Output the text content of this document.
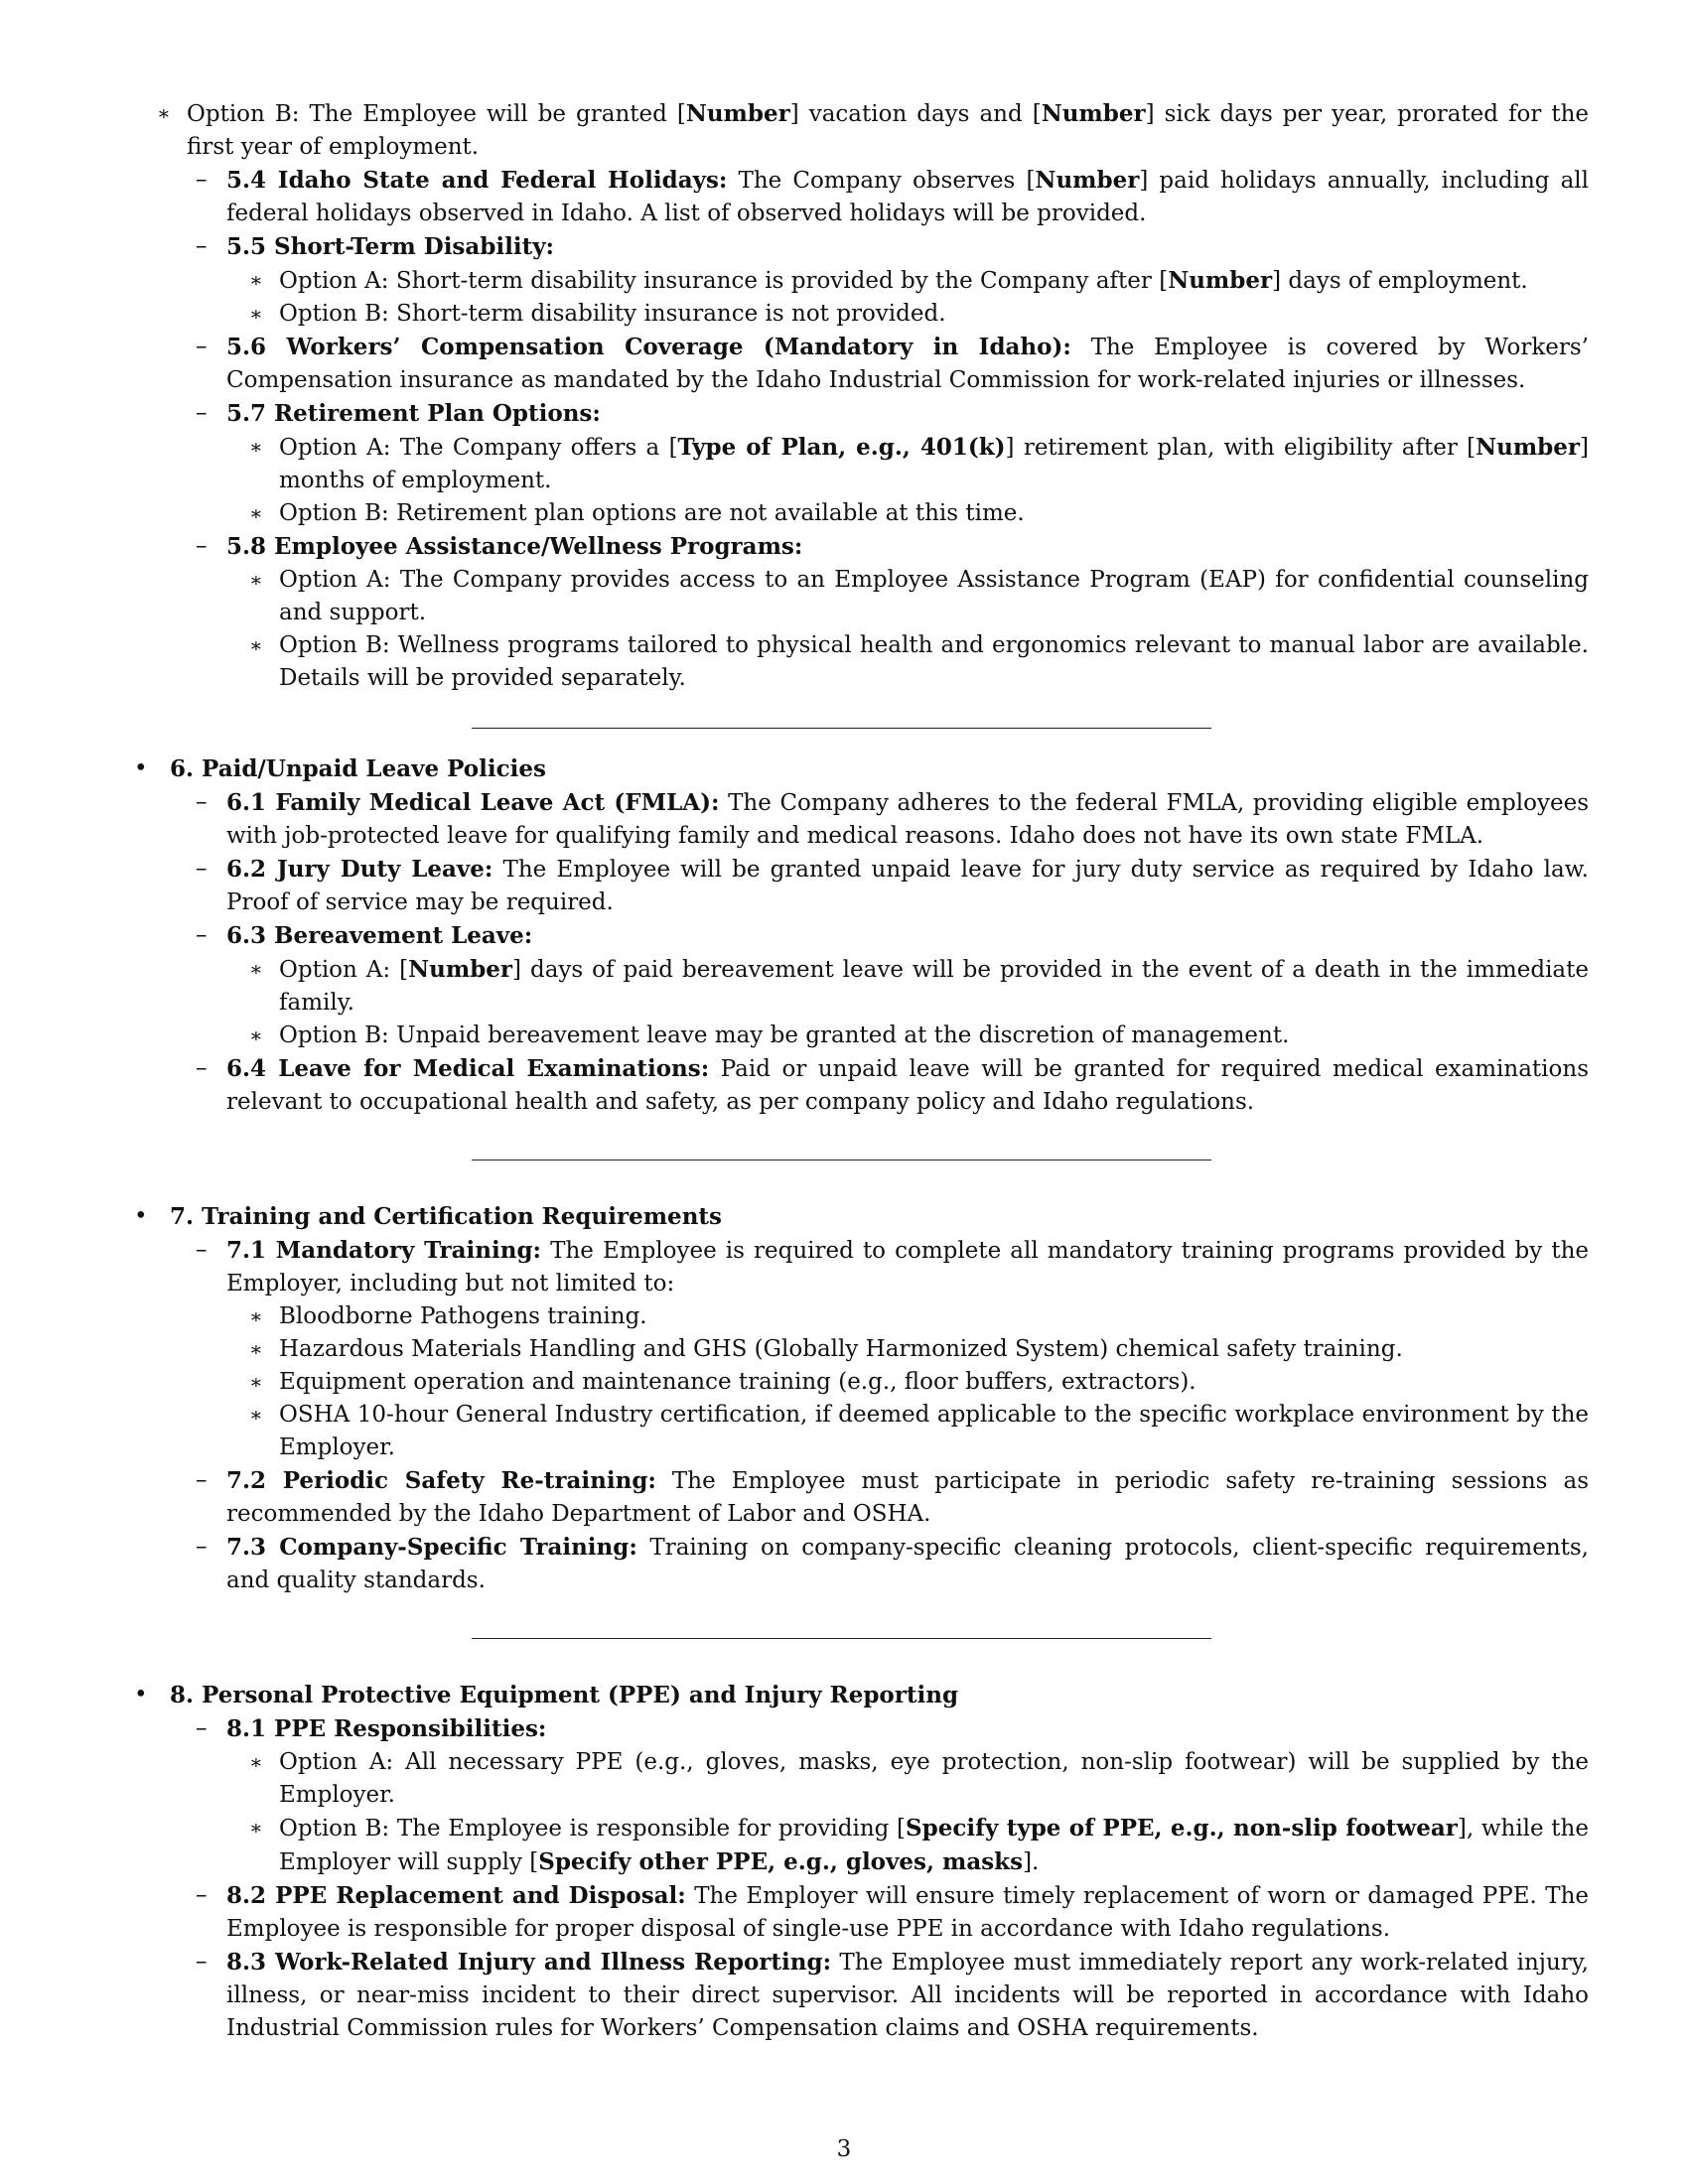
∗ Option B: The Employee will be granted [Number] vacation days and [Number] sick days per year, prorated for the first year of employment.
– 5.4 Idaho State and Federal Holidays: The Company observes [Number] paid holidays annually, including all federal holidays observed in Idaho. A list of observed holidays will be provided.
– 5.5 Short-Term Disability:
∗ Option A: Short-term disability insurance is provided by the Company after [Number] days of employment.
∗ Option B: Short-term disability insurance is not provided.
– 5.6 Workers’ Compensation Coverage (Mandatory in Idaho): The Employee is covered by Workers’ Compensation insurance as mandated by the Idaho Industrial Commission for work-related injuries or illnesses.
– 5.7 Retirement Plan Options:
∗ Option A: The Company offers a [Type of Plan, e.g., 401(k)] retirement plan, with eligibility after [Number] months of employment.
∗ Option B: Retirement plan options are not available at this time.
– 5.8 Employee Assistance/Wellness Programs:
∗ Option A: The Company provides access to an Employee Assistance Program (EAP) for confidential counseling and support.
∗ Option B: Wellness programs tailored to physical health and ergonomics relevant to manual labor are available. Details will be provided separately.
• 6. Paid/Unpaid Leave Policies
– 6.1 Family Medical Leave Act (FMLA): The Company adheres to the federal FMLA, providing eligible employees with job-protected leave for qualifying family and medical reasons. Idaho does not have its own state FMLA.
– 6.2 Jury Duty Leave: The Employee will be granted unpaid leave for jury duty service as required by Idaho law. Proof of service may be required.
– 6.3 Bereavement Leave:
∗ Option A: [Number] days of paid bereavement leave will be provided in the event of a death in the immediate family.
∗ Option B: Unpaid bereavement leave may be granted at the discretion of management.
– 6.4 Leave for Medical Examinations: Paid or unpaid leave will be granted for required medical examinations relevant to occupational health and safety, as per company policy and Idaho regulations.
• 7. Training and Certification Requirements
– 7.1 Mandatory Training: The Employee is required to complete all mandatory training programs provided by the Employer, including but not limited to:
∗ Bloodborne Pathogens training.
∗ Hazardous Materials Handling and GHS (Globally Harmonized System) chemical safety training.
∗ Equipment operation and maintenance training (e.g., floor buffers, extractors).
∗ OSHA 10-hour General Industry certification, if deemed applicable to the specific workplace environment by the Employer.
– 7.2 Periodic Safety Re-training: The Employee must participate in periodic safety re-training sessions as recommended by the Idaho Department of Labor and OSHA.
– 7.3 Company-Specific Training: Training on company-specific cleaning protocols, client-specific requirements, and quality standards.
• 8. Personal Protective Equipment (PPE) and Injury Reporting
– 8.1 PPE Responsibilities:
∗ Option A: All necessary PPE (e.g., gloves, masks, eye protection, non-slip footwear) will be supplied by the Employer.
∗ Option B: The Employee is responsible for providing [Specify type of PPE, e.g., non-slip footwear], while the Employer will supply [Specify other PPE, e.g., gloves, masks].
– 8.2 PPE Replacement and Disposal: The Employer will ensure timely replacement of worn or damaged PPE. The Employee is responsible for proper disposal of single-use PPE in accordance with Idaho regulations.
– 8.3 Work-Related Injury and Illness Reporting: The Employee must immediately report any work-related injury, illness, or near-miss incident to their direct supervisor. All incidents will be reported in accordance with Idaho Industrial Commission rules for Workers’ Compensation claims and OSHA requirements.
3
